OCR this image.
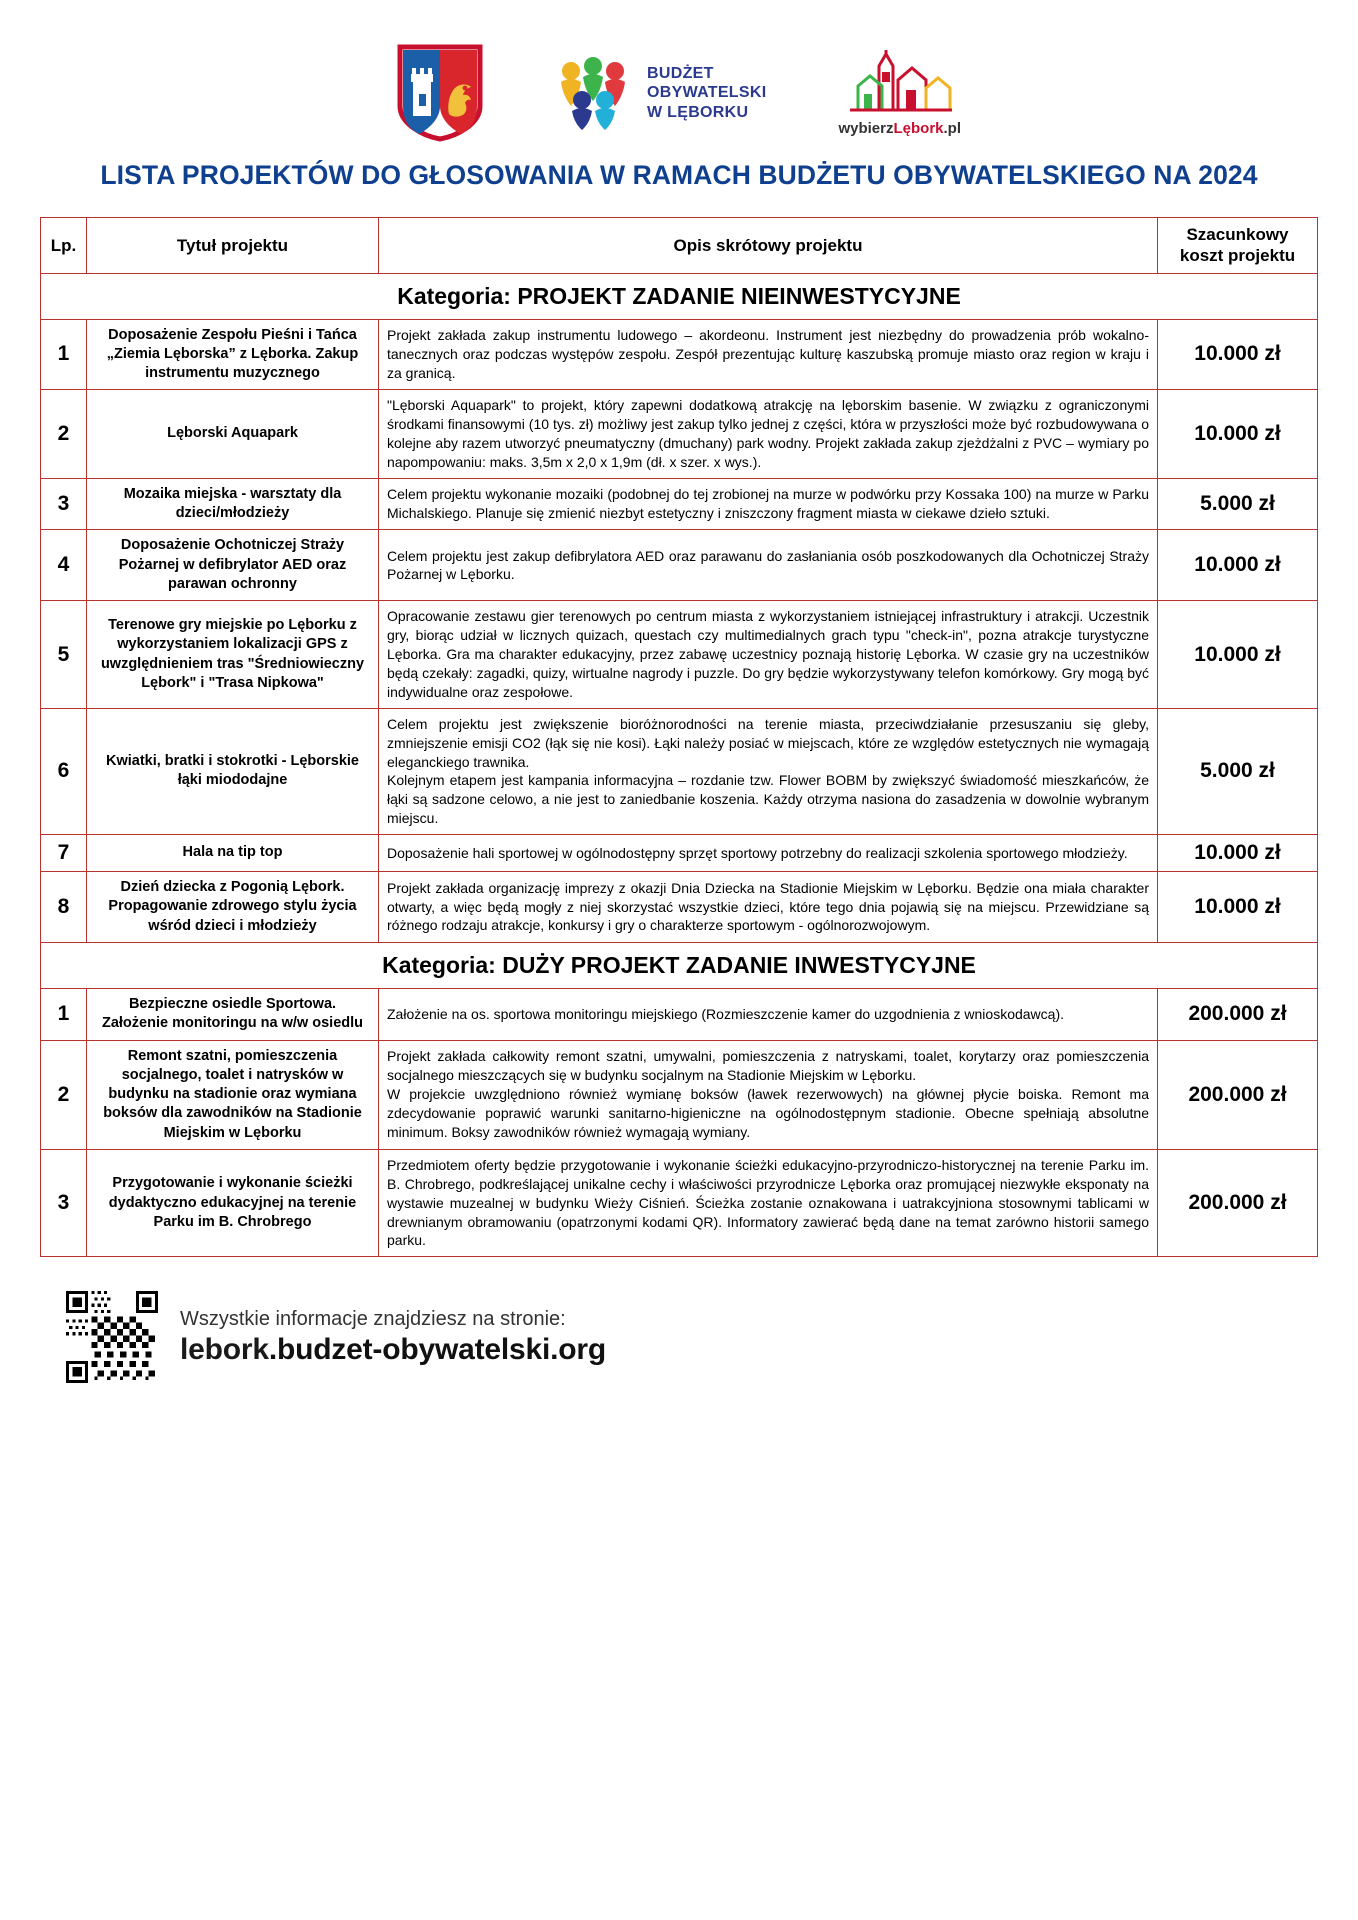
BUDŻET
OBYWATELSKI
W LĘBORKU
wybierzLębork.pl
LISTA PROJEKTÓW DO GŁOSOWANIA W RAMACH BUDŻETU OBYWATELSKIEGO NA 2024
Lp.	Tytuł projektu	Opis skrótowy projektu	Szacunkowy
koszt projektu
Kategoria: PROJEKT ZADANIE NIEINWESTYCYJNE			
1	Doposażenie Zespołu Pieśni i Tańca „Ziemia Lęborska” z Lęborka. Zakup instrumentu muzycznego	Projekt zakłada zakup instrumentu ludowego – akordeonu. Instrument jest niezbędny do prowadzenia prób wokalno-tanecznych oraz podczas występów zespołu. Zespół prezentując kulturę kaszubską promuje miasto oraz region w kraju i za granicą.	10.000 zł
2	Lęborski Aquapark	"Lęborski Aquapark" to projekt, który zapewni dodatkową atrakcję na lęborskim basenie. W związku z ograniczonymi środkami finansowymi (10 tys. zł) możliwy jest zakup tylko jednej z części, która w przyszłości może być rozbudowywana o kolejne aby razem utworzyć pneumatyczny (dmuchany) park wodny. Projekt zakłada zakup zjeżdżalni z PVC – wymiary po napompowaniu: maks. 3,5m x 2,0 x 1,9m (dł. x szer. x wys.).	10.000 zł
3	Mozaika miejska - warsztaty dla dzieci/młodzieży	Celem projektu wykonanie mozaiki (podobnej do tej zrobionej na murze w podwórku przy Kossaka 100) na murze w Parku Michalskiego. Planuje się zmienić niezbyt estetyczny i zniszczony fragment miasta w ciekawe dzieło sztuki.	5.000 zł
4	Doposażenie Ochotniczej Straży Pożarnej w defibrylator AED oraz parawan ochronny	Celem projektu jest zakup defibrylatora AED oraz parawanu do zasłaniania osób poszkodowanych dla Ochotniczej Straży Pożarnej w Lęborku.	10.000 zł
5	Terenowe gry miejskie po Lęborku z wykorzystaniem lokalizacji GPS z uwzględnieniem tras "Średniowieczny Lębork" i "Trasa Nipkowa"	Opracowanie zestawu gier terenowych po centrum miasta z wykorzystaniem istniejącej infrastruktury i atrakcji. Uczestnik gry, biorąc udział w licznych quizach, questach czy multimedialnych grach typu "check-in", pozna atrakcje turystyczne Lęborka. Gra ma charakter edukacyjny, przez zabawę uczestnicy poznają historię Lęborka. W czasie gry na uczestników będą czekały: zagadki, quizy, wirtualne nagrody i puzzle. Do gry będzie wykorzystywany telefon komórkowy. Gry mogą być indywidualne oraz zespołowe.	10.000 zł
6	Kwiatki, bratki i stokrotki - Lęborskie łąki miododajne	Celem projektu jest zwiększenie bioróżnorodności na terenie miasta, przeciwdziałanie przesuszaniu się gleby, zmniejszenie emisji CO2 (łąk się nie kosi). Łąki należy posiać w miejscach, które ze względów estetycznych nie wymagają eleganckiego trawnika.

Kolejnym etapem jest kampania informacyjna – rozdanie tzw. Flower BOBM by zwiększyć świadomość mieszkańców, że łąki są sadzone celowo, a nie jest to zaniedbanie koszenia. Każdy otrzyma nasiona do zasadzenia w dowolnie wybranym miejscu.	5.000 zł
7	Hala na tip top	Doposażenie hali sportowej w ogólnodostępny sprzęt sportowy potrzebny do realizacji szkolenia sportowego młodzieży.	10.000 zł
8	Dzień dziecka z Pogonią Lębork. Propagowanie zdrowego stylu życia wśród dzieci i młodzieży	Projekt zakłada organizację imprezy z okazji Dnia Dziecka na Stadionie Miejskim w Lęborku. Będzie ona miała charakter otwarty, a więc będą mogły z niej skorzystać wszystkie dzieci, które tego dnia pojawią się na miejscu. Przewidziane są różnego rodzaju atrakcje, konkursy i gry o charakterze sportowym - ogólnorozwojowym.	10.000 zł
Kategoria: DUŻY PROJEKT ZADANIE INWESTYCYJNE			
1	Bezpieczne osiedle Sportowa. Założenie monitoringu na w/w osiedlu	Założenie na os. sportowa monitoringu miejskiego (Rozmieszczenie kamer do uzgodnienia z wnioskodawcą).	200.000 zł
2	Remont szatni, pomieszczenia socjalnego, toalet i natrysków w budynku na stadionie oraz wymiana boksów dla zawodników na Stadionie Miejskim w Lęborku	Projekt zakłada całkowity remont szatni, umywalni, pomieszczenia z natryskami, toalet, korytarzy oraz pomieszczenia socjalnego mieszczących się w budynku socjalnym na Stadionie Miejskim w Lęborku.

W projekcie uwzględniono również wymianę boksów (ławek rezerwowych) na głównej płycie boiska. Remont ma zdecydowanie poprawić warunki sanitarno-higieniczne na ogólnodostępnym stadionie. Obecne spełniają absolutne minimum. Boksy zawodników również wymagają wymiany.	200.000 zł
3	Przygotowanie i wykonanie ścieżki dydaktyczno edukacyjnej na terenie Parku im B. Chrobrego	Przedmiotem oferty będzie przygotowanie i wykonanie ścieżki edukacyjno-przyrodniczo-historycznej na terenie Parku im. B. Chrobrego, podkreślającej unikalne cechy i właściwości przyrodnicze Lęborka oraz promującej niezwykłe eksponaty na wystawie muzealnej w budynku Wieży Ciśnień. Ścieżka zostanie oznakowana i uatrakcyjniona stosownymi tablicami w drewnianym obramowaniu (opatrzonymi kodami QR). Informatory zawierać będą dane na temat zarówno historii samego parku.	200.000 zł
Wszystkie informacje znajdziesz na stronie:
lebork.budzet-obywatelski.org
